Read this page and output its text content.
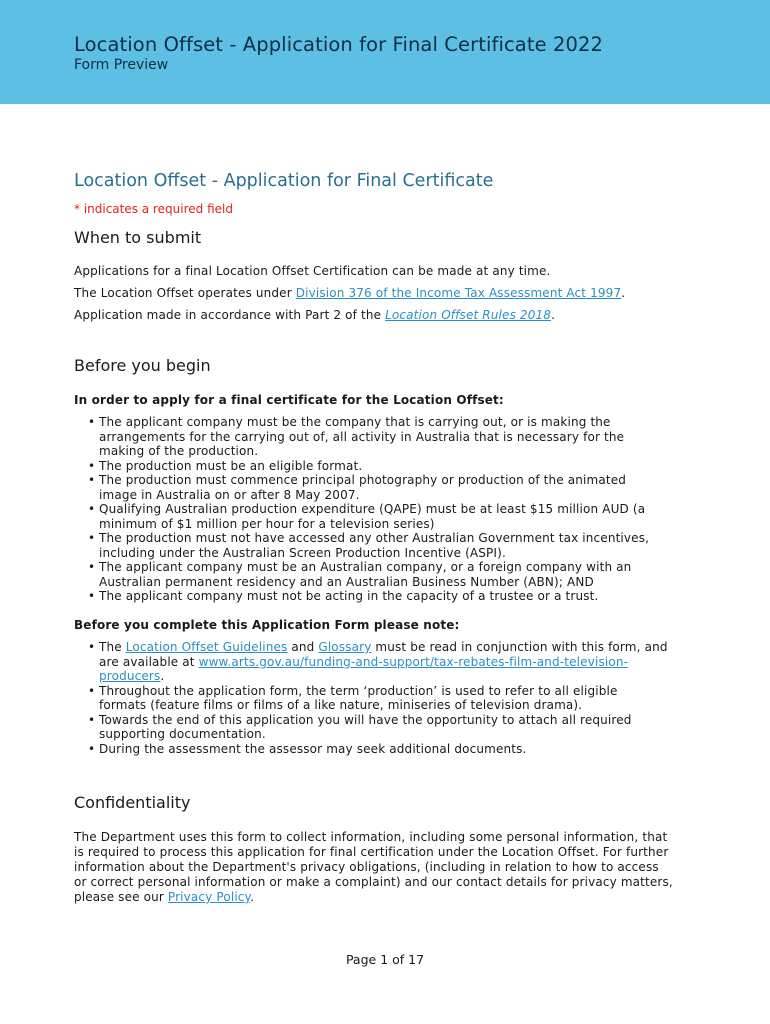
Location Offset - Application for Final Certificate 2022
Form Preview
Location Offset - Application for Final Certificate
* indicates a required field
When to submit
Applications for a final Location Offset Certification can be made at any time.
The Location Offset operates under Division 376 of the Income Tax Assessment Act 1997.
Application made in accordance with Part 2 of the Location Offset Rules 2018.
Before you begin
In order to apply for a final certificate for the Location Offset:
• The applicant company must be the company that is carrying out, or is making the arrangements for the carrying out of, all activity in Australia that is necessary for the making of the production.
• The production must be an eligible format.
• The production must commence principal photography or production of the animated image in Australia on or after 8 May 2007.
• Qualifying Australian production expenditure (QAPE) must be at least $15 million AUD (a minimum of $1 million per hour for a television series)
• The production must not have accessed any other Australian Government tax incentives, including under the Australian Screen Production Incentive (ASPI).
• The applicant company must be an Australian company, or a foreign company with an Australian permanent residency and an Australian Business Number (ABN); AND
• The applicant company must not be acting in the capacity of a trustee or a trust.
Before you complete this Application Form please note:
• The Location Offset Guidelines and Glossary must be read in conjunction with this form, and are available at www.arts.gov.au/funding-and-support/tax-rebates-film-and-television-producers.
• Throughout the application form, the term ‘production’ is used to refer to all eligible formats (feature films or films of a like nature, miniseries of television drama).
• Towards the end of this application you will have the opportunity to attach all required supporting documentation.
• During the assessment the assessor may seek additional documents.
Confidentiality
The Department uses this form to collect information, including some personal information, that is required to process this application for final certification under the Location Offset. For further information about the Department's privacy obligations, (including in relation to how to access or correct personal information or make a complaint) and our contact details for privacy matters, please see our Privacy Policy.
Page 1 of 17
